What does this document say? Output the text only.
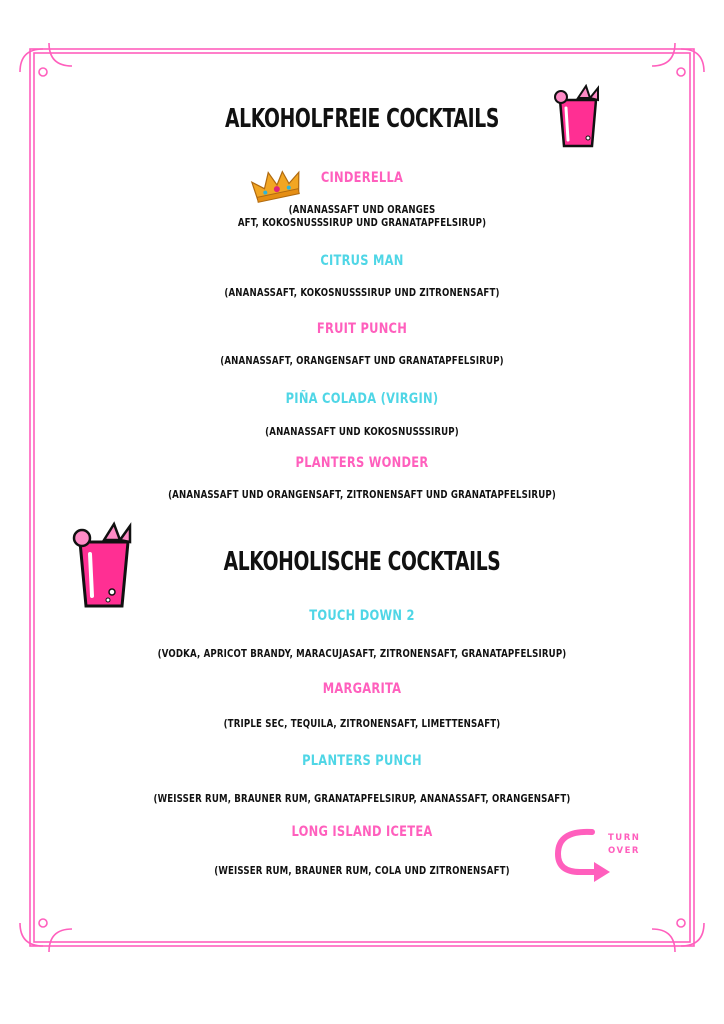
TURN
OVER
ALKOHOLFREIE COCKTAILS
CINDERELLA
(ANANASSAFT UND ORANGES
AFT, KOKOSNUSSSIRUP UND GRANATAPFELSIRUP)
CITRUS MAN
(ANANASSAFT, KOKOSNUSSSIRUP UND ZITRONENSAFT)
FRUIT PUNCH
(ANANASSAFT, ORANGENSAFT UND GRANATAPFELSIRUP)
PIÑA COLADA (VIRGIN)
(ANANASSAFT UND KOKOSNUSSSIRUP)
PLANTERS WONDER
(ANANASSAFT UND ORANGENSAFT, ZITRONENSAFT UND GRANATAPFELSIRUP)
ALKOHOLISCHE COCKTAILS
TOUCH DOWN 2
(VODKA, APRICOT BRANDY, MARACUJASAFT, ZITRONENSAFT, GRANATAPFELSIRUP)
MARGARITA
(TRIPLE SEC, TEQUILA, ZITRONENSAFT, LIMETTENSAFT)
PLANTERS PUNCH
(WEISSER RUM, BRAUNER RUM, GRANATAPFELSIRUP, ANANASSAFT, ORANGENSAFT)
LONG ISLAND ICETEA
(WEISSER RUM, BRAUNER RUM, COLA UND ZITRONENSAFT)
